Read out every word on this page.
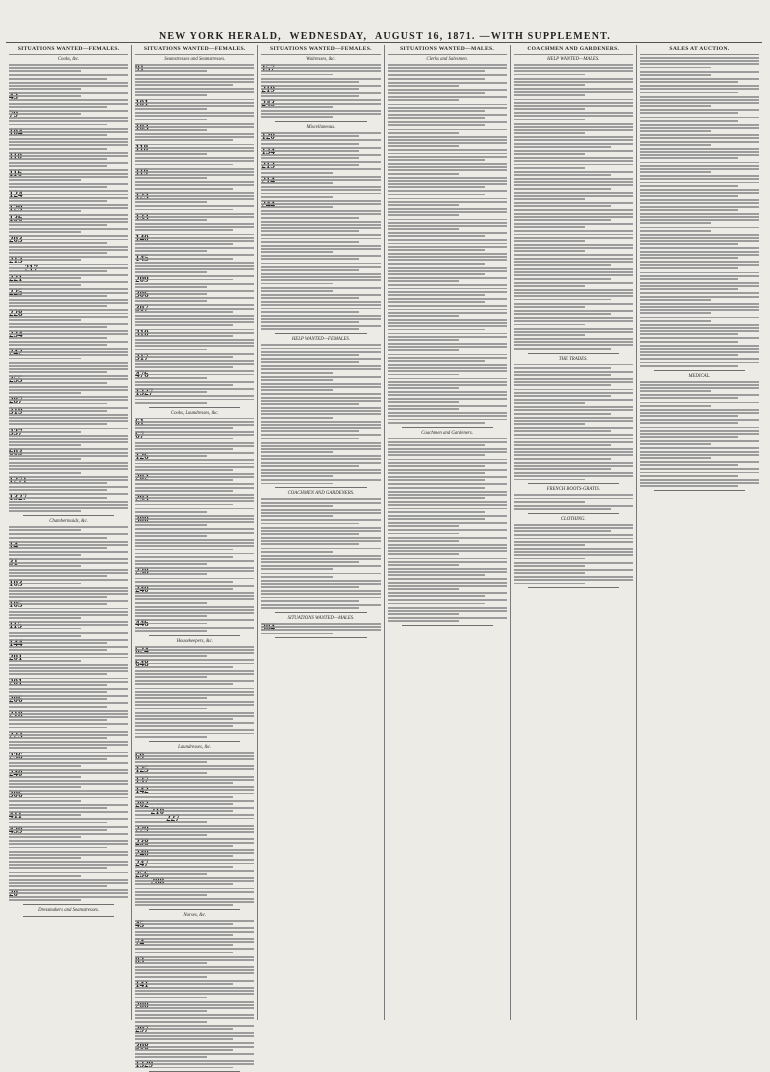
NEW YORK HERALD, WEDNESDAY, AUGUST 16, 1871. —WITH SUPPLEMENT.
SITUATIONS WANTED—FEMALES.
Cooks, &c.
Chambermaids, &c.
Dressmakers and Seamstresses.
SITUATIONS WANTED—FEMALES.
Seamstresses and Seamstresses.
Cooks, Laundresses, &c.
Housekeepers, &c.
Laundresses, &c.
Nurses, &c.
SITUATIONS WANTED—FEMALES.
Waitresses, &c.
Miscellaneous.
HELP WANTED—FEMALES.
COACHMEN AND GARDENERS.
SITUATIONS WANTED—MALES.
SITUATIONS WANTED—MALES.
Clerks and Salesmen.
Coachmen and Gardeners.
COACHMEN AND GARDENERS.
HELP WANTED—MALES.
THE TRADES.
FRENCH BOOTS-GRATIS.
CLOTHING.
SALES AT AUCTION.
MEDICAL.
